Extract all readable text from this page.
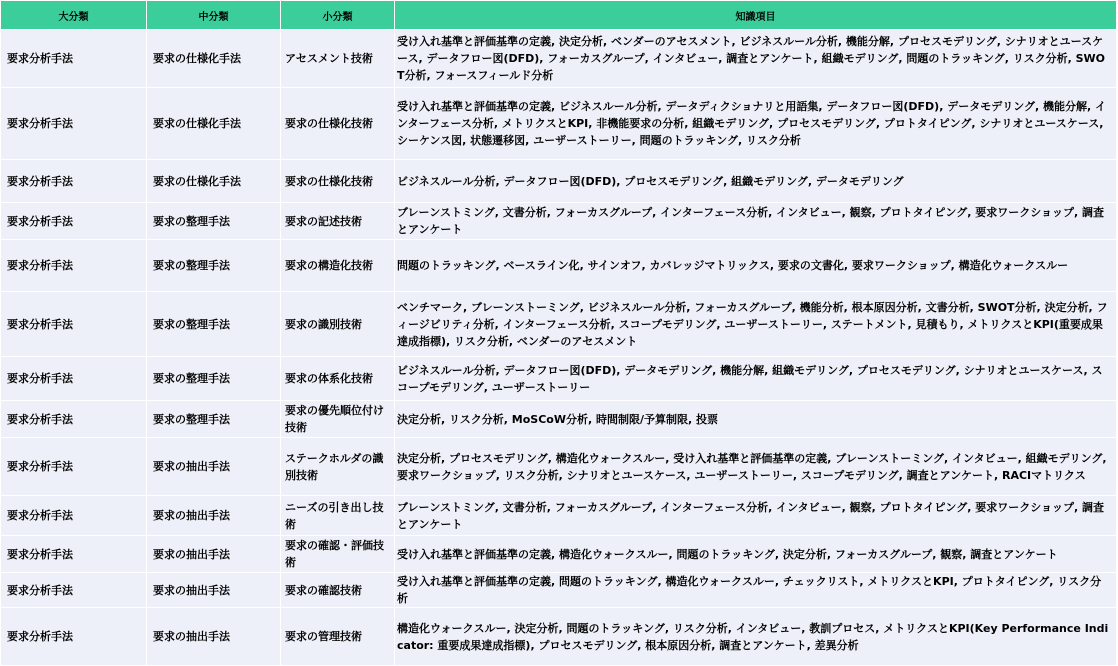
大分類	中分類	小分類	知識項目
要求分析手法	要求の仕様化手法	アセスメント技術	受け入れ基準と評価基準の定義, 決定分析, ベンダーのアセスメント, ビジネスルール分析, 機能分解, プロセスモデリング, シナリオとユースケース, データフロー図(DFD), フォーカスグループ, インタビュー, 調査とアンケート, 組織モデリング, 問題のトラッキング, リスク分析, SWOT分析, フォースフィールド分析
要求分析手法	要求の仕様化手法	要求の仕様化技術	受け入れ基準と評価基準の定義, ビジネスルール分析, データディクショナリと用語集, データフロー図(DFD), データモデリング, 機能分解, インターフェース分析, メトリクスとKPI, 非機能要求の分析, 組織モデリング, プロセスモデリング, プロトタイピング, シナリオとユースケース, シーケンス図, 状態遷移図, ユーザーストーリー, 問題のトラッキング, リスク分析
要求分析手法	要求の仕様化手法	要求の仕様化技術	ビジネスルール分析, データフロー図(DFD), プロセスモデリング, 組織モデリング, データモデリング
要求分析手法	要求の整理手法	要求の記述技術	ブレーンストミング, 文書分析, フォーカスグループ, インターフェース分析, インタビュー, 観察, プロトタイピング, 要求ワークショップ, 調査とアンケート
要求分析手法	要求の整理手法	要求の構造化技術	問題のトラッキング, ベースライン化, サインオフ, カバレッジマトリックス, 要求の文書化, 要求ワークショップ, 構造化ウォークスルー
要求分析手法	要求の整理手法	要求の識別技術	ベンチマーク, ブレーンストーミング, ビジネスルール分析, フォーカスグループ, 機能分析, 根本原因分析, 文書分析, SWOT分析, 決定分析, フィージビリティ分析, インターフェース分析, スコープモデリング, ユーザーストーリー, ステートメント, 見積もり, メトリクスとKPI(重要成果達成指標), リスク分析, ベンダーのアセスメント
要求分析手法	要求の整理手法	要求の体系化技術	ビジネスルール分析, データフロー図(DFD), データモデリング, 機能分解, 組織モデリング, プロセスモデリング, シナリオとユースケース, スコープモデリング, ユーザーストーリー
要求分析手法	要求の整理手法	要求の優先順位付け技術	決定分析, リスク分析, MoSCoW分析, 時間制限/予算制限, 投票
要求分析手法	要求の抽出手法	ステークホルダの識別技術	決定分析, プロセスモデリング, 構造化ウォークスルー, 受け入れ基準と評価基準の定義, ブレーンストーミング, インタビュー, 組織モデリング, 要求ワークショップ, リスク分析, シナリオとユースケース, ユーザーストーリー, スコープモデリング, 調査とアンケート, RACIマトリクス
要求分析手法	要求の抽出手法	ニーズの引き出し技術	ブレーンストミング, 文書分析, フォーカスグループ, インターフェース分析, インタビュー, 観察, プロトタイピング, 要求ワークショップ, 調査とアンケート
要求分析手法	要求の抽出手法	要求の確認・評価技術	受け入れ基準と評価基準の定義, 構造化ウォークスルー, 問題のトラッキング, 決定分析, フォーカスグループ, 観察, 調査とアンケート
要求分析手法	要求の抽出手法	要求の確認技術	受け入れ基準と評価基準の定義, 問題のトラッキング, 構造化ウォークスルー, チェックリスト, メトリクスとKPI, プロトタイピング, リスク分析
要求分析手法	要求の抽出手法	要求の管理技術	構造化ウォークスルー, 決定分析, 問題のトラッキング, リスク分析, インタビュー, 教訓プロセス, メトリクスとKPI(Key Performance Indicator: 重要成果達成指標), プロセスモデリング, 根本原因分析, 調査とアンケート, 差異分析
